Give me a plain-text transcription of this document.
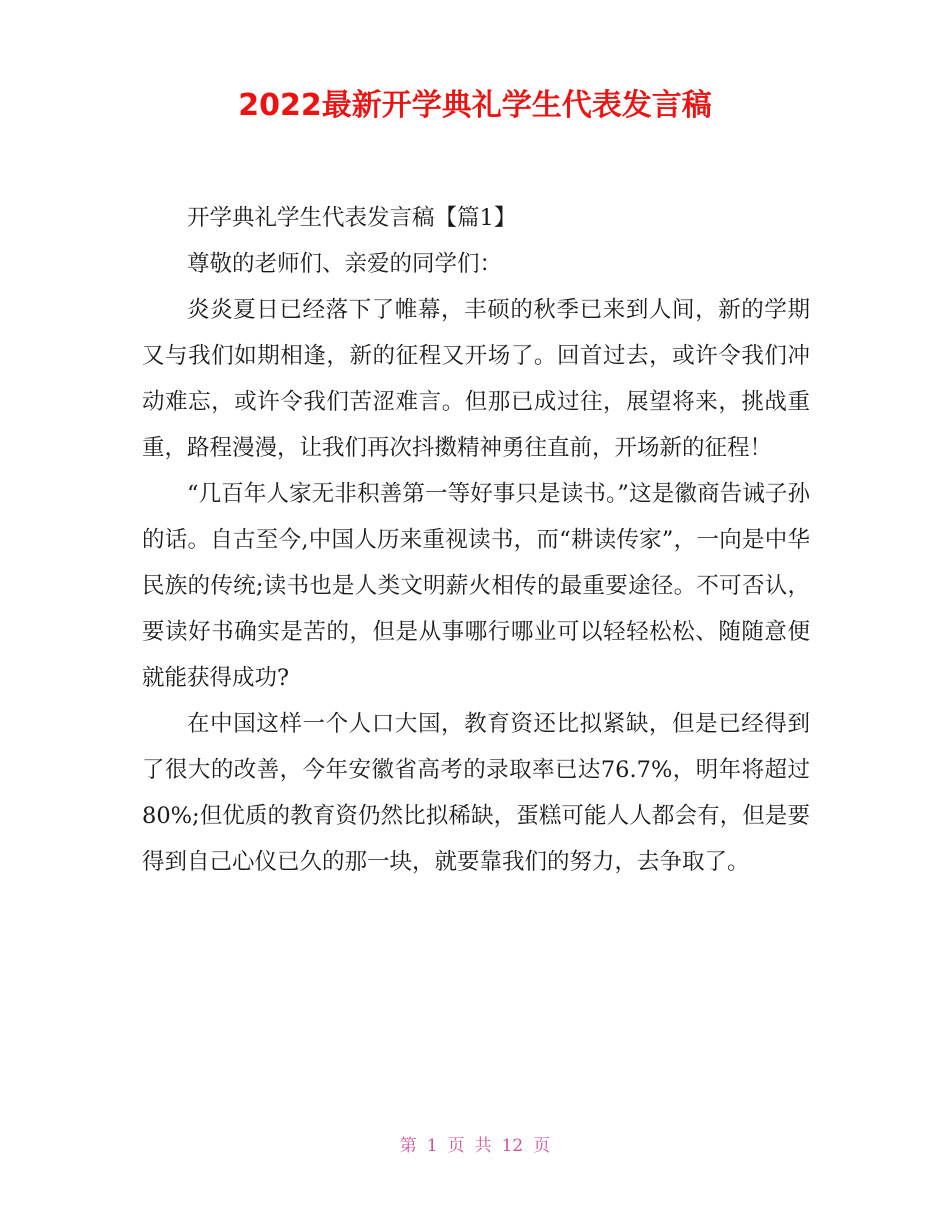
2022最新开学典礼学生代表发言稿

开学典礼学生代表发言稿【篇1】

尊敬的老师们、亲爱的同学们：

炎炎夏日已经落下了帷幕，丰硕的秋季已来到人间，新的学期又与我们如期相逢，新的征程又开场了。回首过去，或许令我们冲动难忘，或许令我们苦涩难言。但那已成过往，展望将来，挑战重重，路程漫漫，让我们再次抖擞精神勇往直前，开场新的征程！

“几百年人家无非积善第一等好事只是读书。”这是徽商告诫子孙的话。自古至今,中国人历来重视读书，而“耕读传家”，一向是中华民族的传统;读书也是人类文明薪火相传的最重要途径。不可否认，要读好书确实是苦的，但是从事哪行哪业可以轻轻松松、随随意便就能获得成功?

在中国这样一个人口大国，教育资还比拟紧缺，但是已经得到了很大的改善，今年安徽省高考的录取率已达76.7%，明年将超过80%;但优质的教育资仍然比拟稀缺，蛋糕可能人人都会有，但是要得到自己心仪已久的那一块，就要靠我们的努力，去争取了。

第 1 页 共 12 页
